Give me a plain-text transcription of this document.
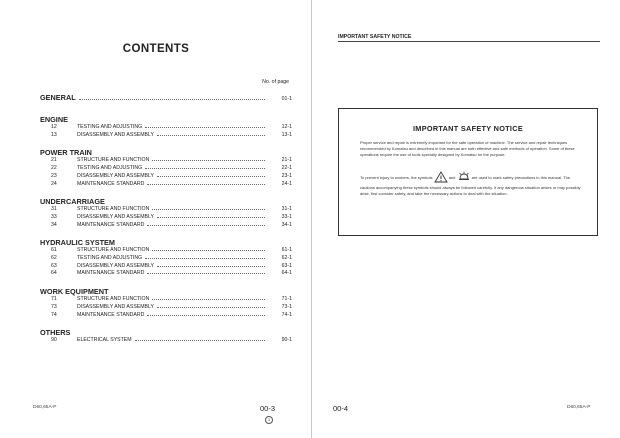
CONTENTS
No. of page
GENERAL	01-1
ENGINE
12	TESTING AND ADJUSTING	12-1
13	DISASSEMBLY AND ASSEMBLY	13-1
POWER TRAIN
21	STRUCTURE AND FUNCTION	21-1
22	TESTING AND ADJUSTING	22-1
23	DISASSEMBLY AND ASSEMBLY	23-1
24	MAINTENANCE STANDARD	24-1
UNDERCARRIAGE
31	STRUCTURE AND FUNCTION	31-1
33	DISASSEMBLY AND ASSEMBLY	33-1
34	MAINTENANCE STANDARD	34-1
HYDRAULIC SYSTEM
61	STRUCTURE AND FUNCTION	61-1
62	TESTING AND ADJUSTING	62-1
63	DISASSEMBLY AND ASSEMBLY	63-1
64	MAINTENANCE STANDARD	64-1
WORK EQUIPMENT
71	STRUCTURE AND FUNCTION	71-1
73	DISASSEMBLY AND ASSEMBLY	73-1
74	MAINTENANCE STANDARD	74-1
OTHERS
90	ELECTRICAL SYSTEM	90-1
D60,65A-P	00-3
1
IMPORTANT SAFETY NOTICE
IMPORTANT SAFETY NOTICE
Proper service and repair is extremely important for the safe operation of machine. The service and repair techniques recommended by Komatsu and described in this manual are both effective and safe methods of operation. Some of these operations require the use of tools specially designed by Komatsu for the purpose.
To prevent injury to workers, the symbols	and	are used to mark safety precautions in this manual. The cautions accompanying these symbols should always be followed carefully. If any dangerous situation arises or may possibly arise, first consider safety, and take the necessary actions to deal with the situation.
00-4	D60,65A-P
